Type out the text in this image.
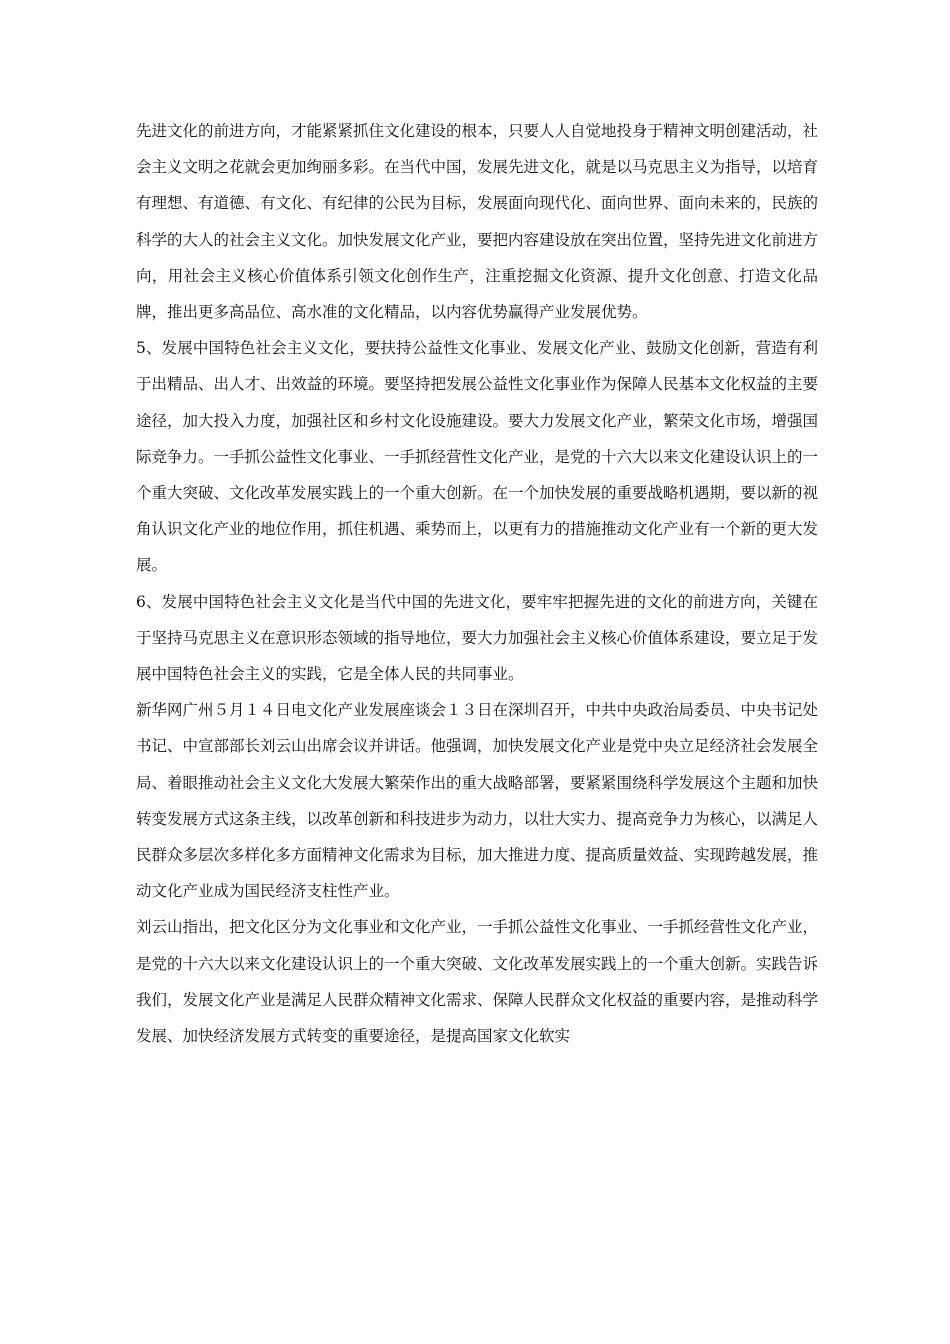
先进文化的前进方向，才能紧紧抓住文化建设的根本，只要人人自觉地投身于精神文明创建活动，社会主义文明之花就会更加绚丽多彩。在当代中国，发展先进文化，就是以马克思主义为指导，以培育有理想、有道德、有文化、有纪律的公民为目标，发展面向现代化、面向世界、面向未来的，民族的科学的大人的社会主义文化。加快发展文化产业，要把内容建设放在突出位置，坚持先进文化前进方向，用社会主义核心价值体系引领文化创作生产，注重挖掘文化资源、提升文化创意、打造文化品牌，推出更多高品位、高水准的文化精品，以内容优势赢得产业发展优势。

5、发展中国特色社会主义文化，要扶持公益性文化事业、发展文化产业、鼓励文化创新，营造有利于出精品、出人才、出效益的环境。要坚持把发展公益性文化事业作为保障人民基本文化权益的主要途径，加大投入力度，加强社区和乡村文化设施建设。要大力发展文化产业，繁荣文化市场，增强国际竞争力。一手抓公益性文化事业、一手抓经营性文化产业，是党的十六大以来文化建设认识上的一个重大突破、文化改革发展实践上的一个重大创新。在一个加快发展的重要战略机遇期，要以新的视角认识文化产业的地位作用，抓住机遇、乘势而上，以更有力的措施推动文化产业有一个新的更大发展。

6、发展中国特色社会主义文化是当代中国的先进文化，要牢牢把握先进的文化的前进方向，关键在于坚持马克思主义在意识形态领域的指导地位，要大力加强社会主义核心价值体系建设，要立足于发展中国特色社会主义的实践，它是全体人民的共同事业。

新华网广州５月１４日电文化产业发展座谈会１３日在深圳召开，中共中央政治局委员、中央书记处书记、中宣部部长刘云山出席会议并讲话。他强调，加快发展文化产业是党中央立足经济社会发展全局、着眼推动社会主义文化大发展大繁荣作出的重大战略部署，要紧紧围绕科学发展这个主题和加快转变发展方式这条主线，以改革创新和科技进步为动力，以壮大实力、提高竞争力为核心，以满足人民群众多层次多样化多方面精神文化需求为目标，加大推进力度、提高质量效益、实现跨越发展，推动文化产业成为国民经济支柱性产业。

刘云山指出，把文化区分为文化事业和文化产业，一手抓公益性文化事业、一手抓经营性文化产业，是党的十六大以来文化建设认识上的一个重大突破、文化改革发展实践上的一个重大创新。实践告诉我们，发展文化产业是满足人民群众精神文化需求、保障人民群众文化权益的重要内容，是推动科学发展、加快经济发展方式转变的重要途径，是提高国家文化软实
